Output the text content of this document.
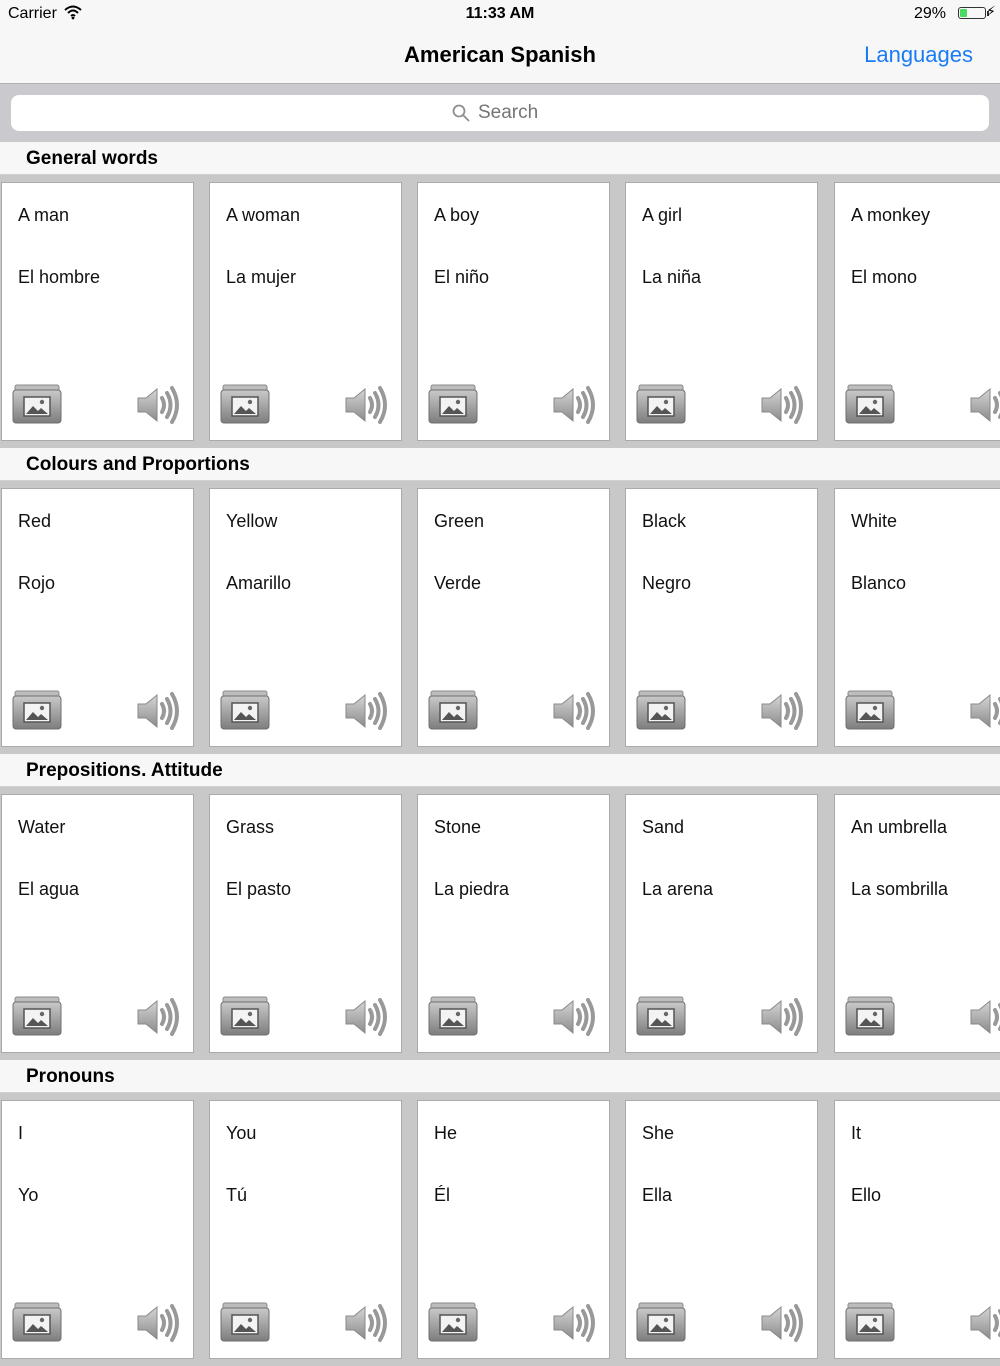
Carrier	11:33 AM	29%	⚡
American Spanish	Languages
Search
General words
A man
El hombre
A woman
La mujer
A boy
El niño
A girl
La niña
A monkey
El mono
Colours and Proportions
Red
Rojo
Yellow
Amarillo
Green
Verde
Black
Negro
White
Blanco
Prepositions. Attitude
Water
El agua
Grass
El pasto
Stone
La piedra
Sand
La arena
An umbrella
La sombrilla
Pronouns
I
Yo
You
Tú
He
Él
She
Ella
It
Ello
